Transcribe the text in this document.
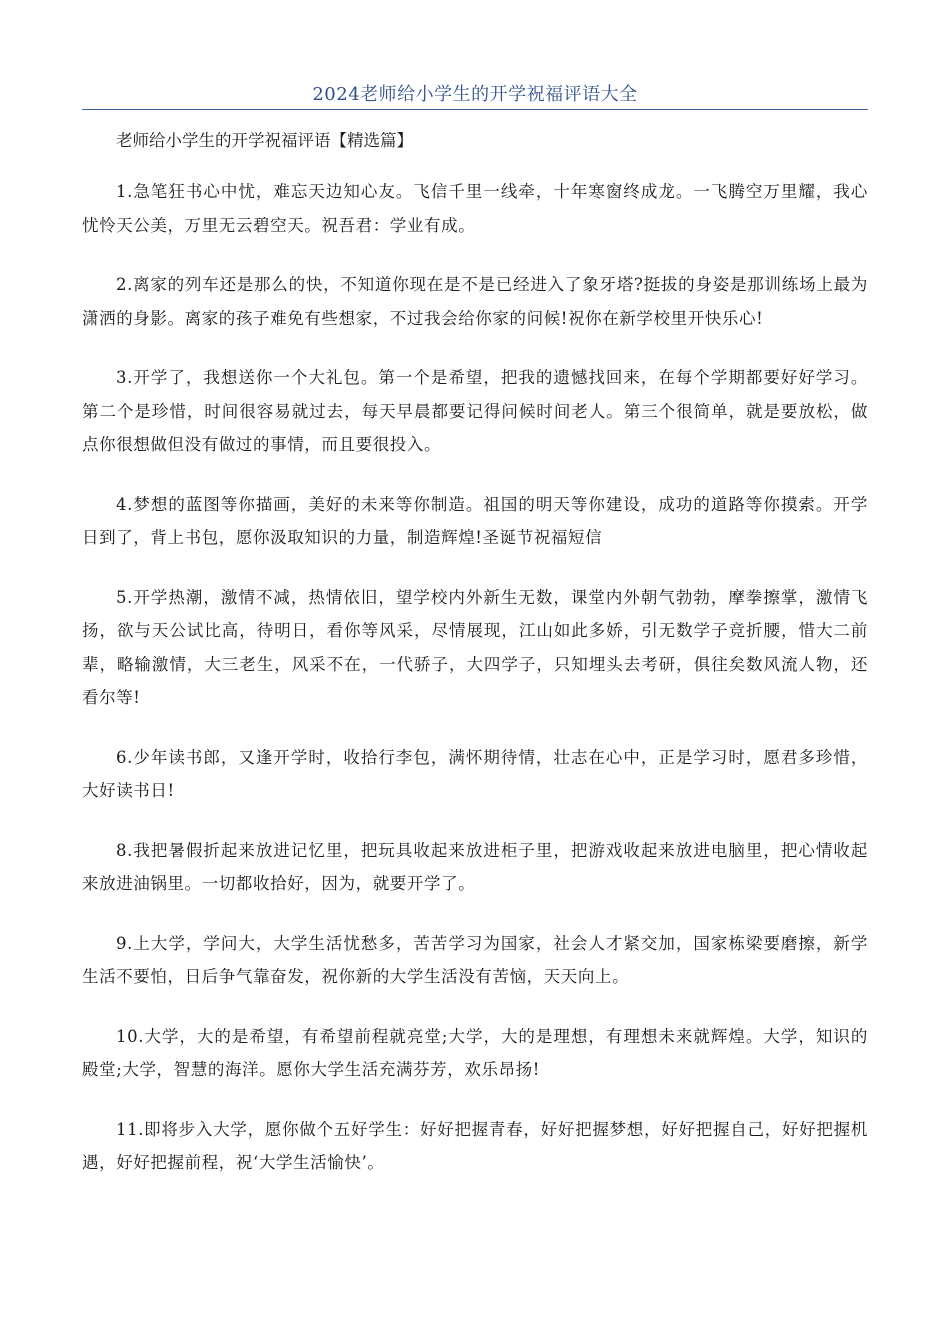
2024老师给小学生的开学祝福评语大全

老师给小学生的开学祝福评语【精选篇】

1.急笔狂书心中忧，难忘天边知心友。飞信千里一线牵，十年寒窗终成龙。一飞腾空万里耀，我心忧怜天公美，万里无云碧空天。祝吾君：学业有成。

2.离家的列车还是那么的快，不知道你现在是不是已经进入了象牙塔?挺拔的身姿是那训练场上最为潇洒的身影。离家的孩子难免有些想家，不过我会给你家的问候!祝你在新学校里开快乐心!

3.开学了，我想送你一个大礼包。第一个是希望，把我的遗憾找回来，在每个学期都要好好学习。第二个是珍惜，时间很容易就过去，每天早晨都要记得问候时间老人。第三个很简单，就是要放松，做点你很想做但没有做过的事情，而且要很投入。

4.梦想的蓝图等你描画，美好的未来等你制造。祖国的明天等你建设，成功的道路等你摸索。开学日到了，背上书包，愿你汲取知识的力量，制造辉煌!圣诞节祝福短信

5.开学热潮，激情不减，热情依旧，望学校内外新生无数，课堂内外朝气勃勃，摩拳擦掌，激情飞扬，欲与天公试比高，待明日，看你等风采，尽情展现，江山如此多娇，引无数学子竞折腰，惜大二前辈，略输激情，大三老生，风采不在，一代骄子，大四学子，只知埋头去考研，俱往矣数风流人物，还看尔等!

6.少年读书郎，又逢开学时，收拾行李包，满怀期待情，壮志在心中，正是学习时，愿君多珍惜，大好读书日!

8.我把暑假折起来放进记忆里，把玩具收起来放进柜子里，把游戏收起来放进电脑里，把心情收起来放进油锅里。一切都收拾好，因为，就要开学了。

9.上大学，学问大，大学生活忧愁多，苦苦学习为国家，社会人才紧交加，国家栋梁要磨擦，新学生活不要怕，日后争气靠奋发，祝你新的大学生活没有苦恼，天天向上。

10.大学，大的是希望，有希望前程就亮堂;大学，大的是理想，有理想未来就辉煌。大学，知识的殿堂;大学，智慧的海洋。愿你大学生活充满芬芳，欢乐昂扬!

11.即将步入大学，愿你做个五好学生：好好把握青春，好好把握梦想，好好把握自己，好好把握机遇，好好把握前程，祝‘大学生活愉快’。
